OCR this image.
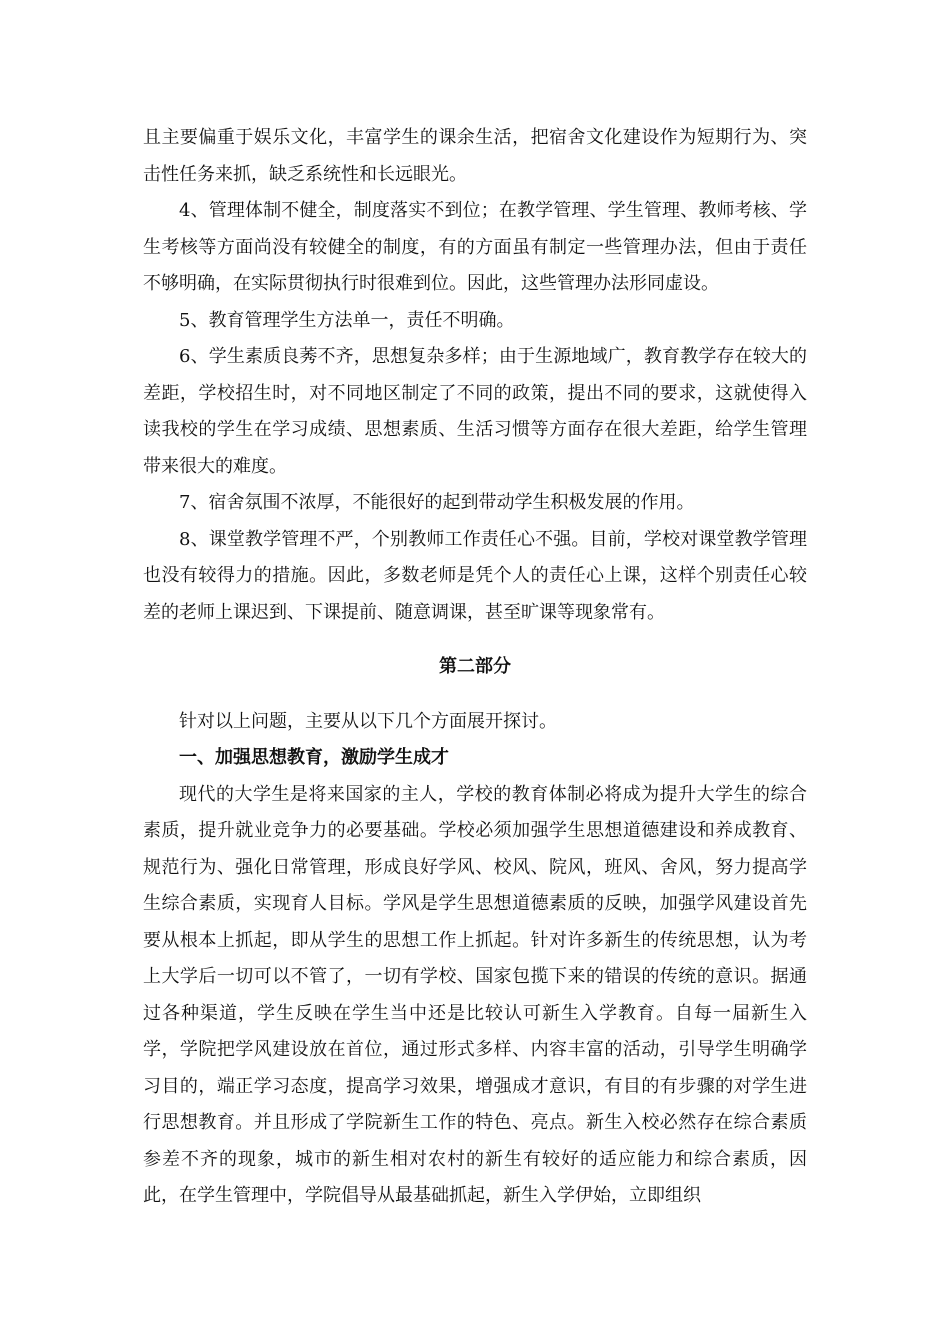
且主要偏重于娱乐文化，丰富学生的课余生活，把宿舍文化建设作为短期行为、突击性任务来抓，缺乏系统性和长远眼光。

4、管理体制不健全，制度落实不到位；在教学管理、学生管理、教师考核、学生考核等方面尚没有较健全的制度，有的方面虽有制定一些管理办法，但由于责任不够明确，在实际贯彻执行时很难到位。因此，这些管理办法形同虚设。

5、教育管理学生方法单一，责任不明确。

6、学生素质良莠不齐，思想复杂多样；由于生源地域广，教育教学存在较大的差距，学校招生时，对不同地区制定了不同的政策，提出不同的要求，这就使得入读我校的学生在学习成绩、思想素质、生活习惯等方面存在很大差距，给学生管理带来很大的难度。

7、宿舍氛围不浓厚，不能很好的起到带动学生积极发展的作用。

8、课堂教学管理不严，个别教师工作责任心不强。目前，学校对课堂教学管理也没有较得力的措施。因此，多数老师是凭个人的责任心上课，这样个别责任心较差的老师上课迟到、下课提前、随意调课，甚至旷课等现象常有。

第二部分

针对以上问题，主要从以下几个方面展开探讨。

一、加强思想教育，激励学生成才

现代的大学生是将来国家的主人，学校的教育体制必将成为提升大学生的综合素质，提升就业竞争力的必要基础。学校必须加强学生思想道德建设和养成教育、规范行为、强化日常管理，形成良好学风、校风、院风，班风、舍风，努力提高学生综合素质，实现育人目标。学风是学生思想道德素质的反映，加强学风建设首先要从根本上抓起，即从学生的思想工作上抓起。针对许多新生的传统思想，认为考上大学后一切可以不管了，一切有学校、国家包揽下来的错误的传统的意识。据通过各种渠道，学生反映在学生当中还是比较认可新生入学教育。自每一届新生入学，学院把学风建设放在首位，通过形式多样、内容丰富的活动，引导学生明确学习目的，端正学习态度，提高学习效果，增强成才意识，有目的有步骤的对学生进行思想教育。并且形成了学院新生工作的特色、亮点。新生入校必然存在综合素质参差不齐的现象，城市的新生相对农村的新生有较好的适应能力和综合素质，因此，在学生管理中，学院倡导从最基础抓起，新生入学伊始，立即组织
